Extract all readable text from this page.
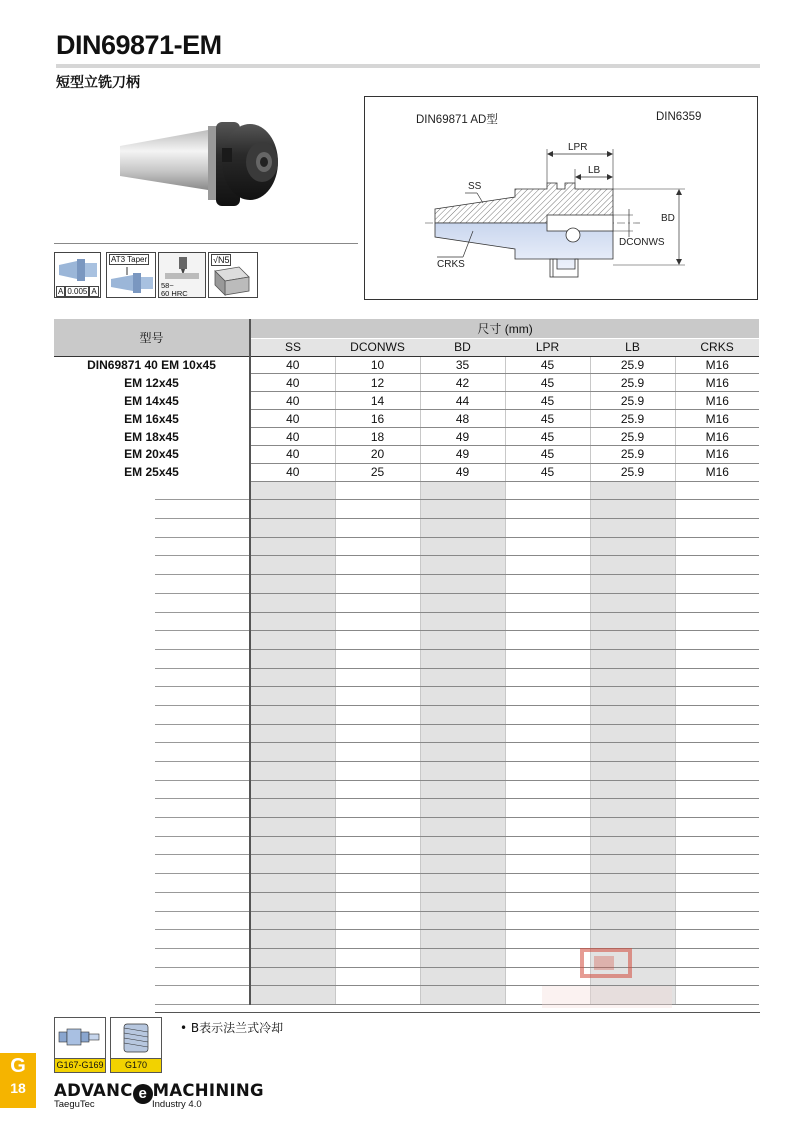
DIN69871-EM
短型立铣刀柄
A 0.005 A
AT3 Taper
58~
60 HRC
√N5
DIN69871 AD型	DIN6359
LPR
LB
SS
BD
DCONWS
CRKS
型号	尺寸 (mm)					
	SS	DCONWS	BD	LPR	LB	CRKS
DIN69871 40 EM 10x45	40	10	35	45	25.9	M16
EM 12x45	40	12	42	45	25.9	M16
EM 14x45	40	14	44	45	25.9	M16
EM 16x45	40	16	48	45	25.9	M16
EM 18x45	40	18	49	45	25.9	M16
EM 20x45	40	20	49	45	25.9	M16
EM 25x45	40	25	49	45	25.9	M16

G167-G169	G170
• B表示法兰式冷却
G
18	ADVANC e MACHINING
TaeguTec	Industry 4.0
